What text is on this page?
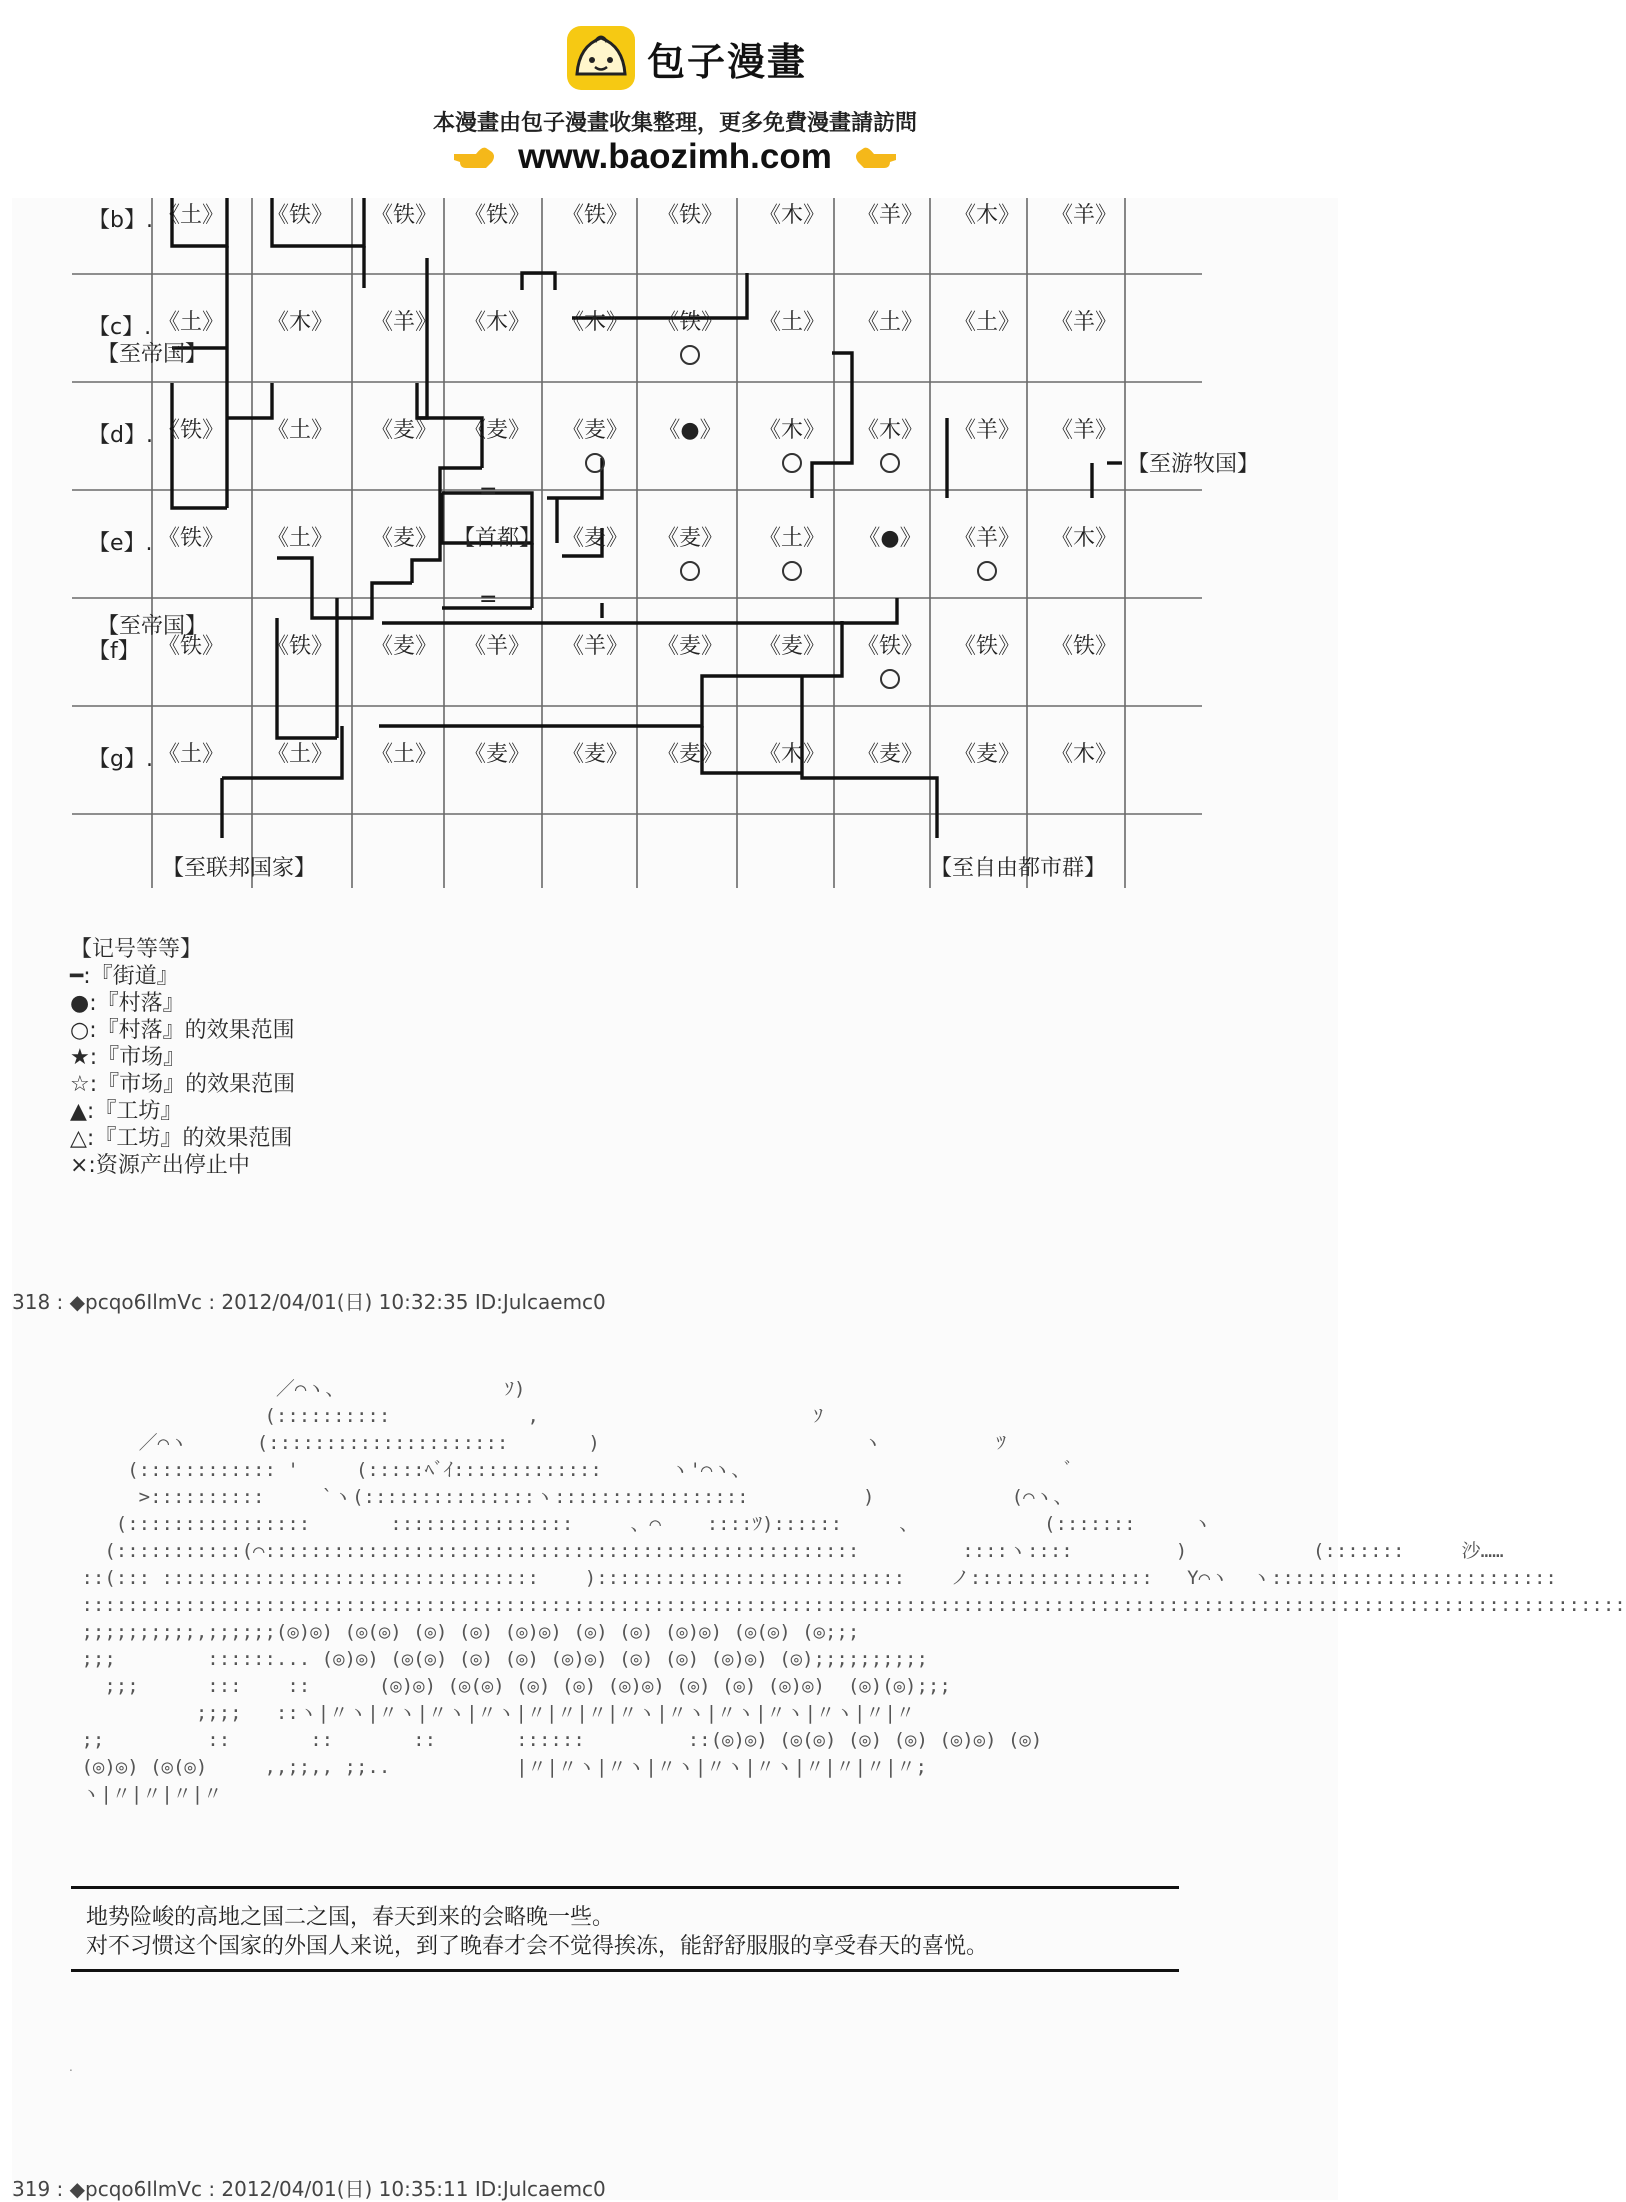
包子漫畫
本漫畫由包子漫畫收集整理，更多免費漫畫請訪問
www.baozimh.com
《土》 《铁》 《铁》 《铁》 《铁》 《铁》 《木》 《羊》 《木》 《羊》
《土》 《木》 《羊》 《木》 《木》 《铁》 《土》 《土》 《土》 《羊》
《铁》 《土》 《麦》 《麦》 《麦》 《●》 《木》 《木》 《羊》 《羊》
《铁》 《土》 《麦》 【首都】 《麦》 《麦》 《土》 《●》 《羊》 《木》
《铁》 《铁》 《麦》 《羊》 《羊》 《麦》 《麦》 《铁》 《铁》 《铁》
《土》 《土》 《土》 《麦》 《麦》 《麦》 《木》 《麦》 《麦》 《木》
【b】.
【c】.
【d】.
【e】.
【f】
【g】.
【至帝国】
【至帝国】
【至游牧国】
【至联邦国家】	【至自由都市群】
=
=
【记号等等】
━:『街道』
●:『村落』
○:『村落』的效果范围
★:『市场』
☆:『市场』的效果范围
▲:『工坊』
△:『工坊』的效果范围
×:资源产出停止中
318 : ◆pcqo6IlmVc : 2012/04/01(日) 10:32:35 ID:Julcaemc0
／⌒ヽ、              ｿ)
(::::::::::            ,                        ｿ
／⌒ヽ      (:::::::::::::::::::::       )                       ヽ          ﾂ
(:::::::::::: '     (:::::ﾍﾞｲ:::::::::::::      ヽ'⌒ヽ、                            ﾞ
>::::::::::     `ヽ(:::::::::::::::ヽ:::::::::::::::::          )            (⌒ヽ、
(::::::::::::::::       ::::::::::::::::     、⌒    ::::ﾂ)::::::     、           (:::::::     ヽ
(:::::::::::(⌒::::::::::::::::::::::::::::::::::::::::::::::::::::         ::::ヽ::::         )           (:::::::     沙……
::(::: :::::::::::::::::::::::::::::::::    ):::::::::::::::::::::::::::    ノ::::::::::::::::   Y⌒ヽ  ヽ:::::::::::::::::::::::::
:::::::::::::::::::::::::::::::::::::::::::::::::::::::::::::::::::::::::::::::::::::::::::::::::::::::::::::::::::::::::::::::::::::::
;;;;;;;;;;,;;;;;;(◎)◎) (◎(◎) (◎) (◎) (◎)◎) (◎) (◎) (◎)◎) (◎(◎) (◎;;;
;;;        ::::::... (◎)◎) (◎(◎) (◎) (◎) (◎)◎) (◎) (◎) (◎)◎) (◎);;;;;;;;;;
;;;      :::    ::      (◎)◎) (◎(◎) (◎) (◎) (◎)◎) (◎) (◎) (◎)◎)  (◎)(◎);;;
;;;;   ::ヽ|〃ヽ|〃ヽ|〃ヽ|〃ヽ|〃|〃|〃|〃ヽ|〃ヽ|〃ヽ|〃ヽ|〃ヽ|〃|〃
;;         ::       ::       ::       ::::::         ::(◎)◎) (◎(◎) (◎) (◎) (◎)◎) (◎)
(◎)◎) (◎(◎)     ,,;;,, ;;..           |〃|〃ヽ|〃ヽ|〃ヽ|〃ヽ|〃ヽ|〃|〃|〃|〃;
ヽ|〃|〃|〃|〃
地势险峻的高地之国二之国，春天到来的会略晚一些。
对不习惯这个国家的外国人来说，到了晚春才会不觉得挨冻，能舒舒服服的享受春天的喜悦。
.
319 : ◆pcqo6IlmVc : 2012/04/01(日) 10:35:11 ID:Julcaemc0
